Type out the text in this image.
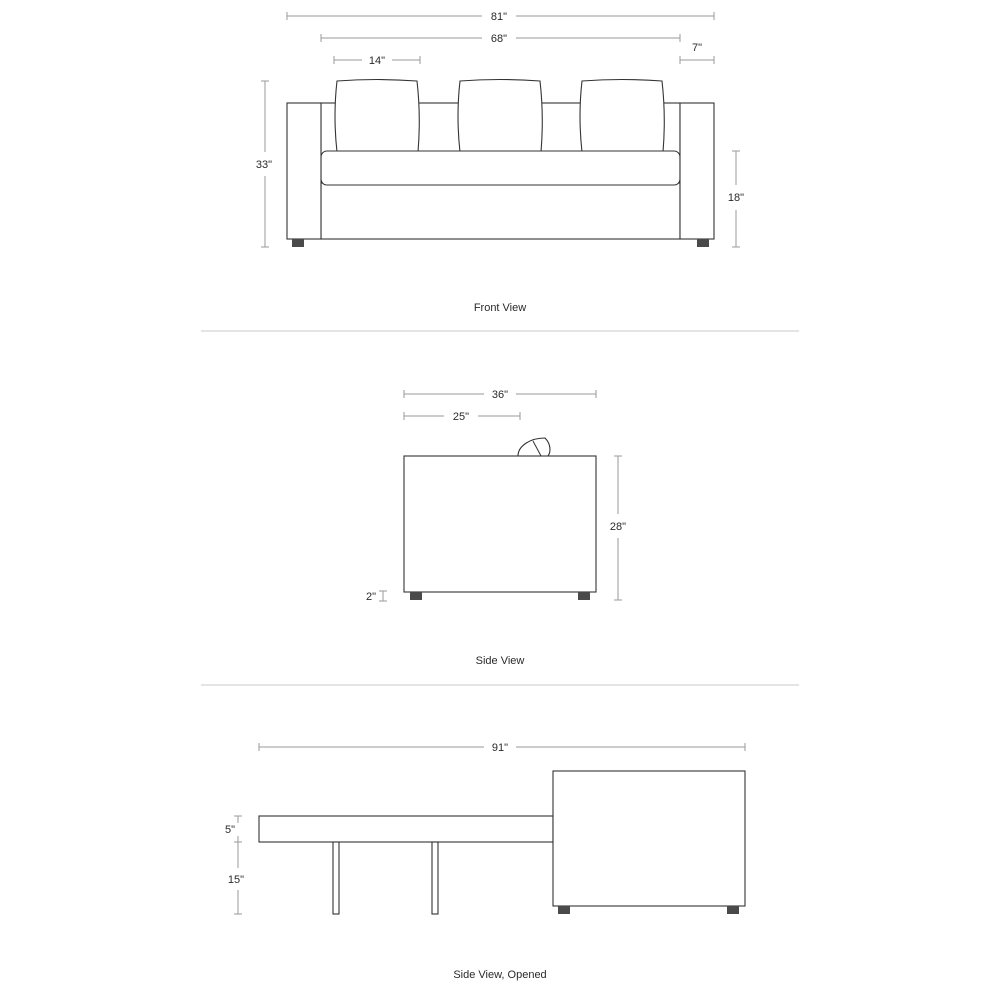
81"
68"
14"
7"
33"
18"
Front View
36"
25"
28"
2"
Side View
91"
5"
15"
Side View, Opened
